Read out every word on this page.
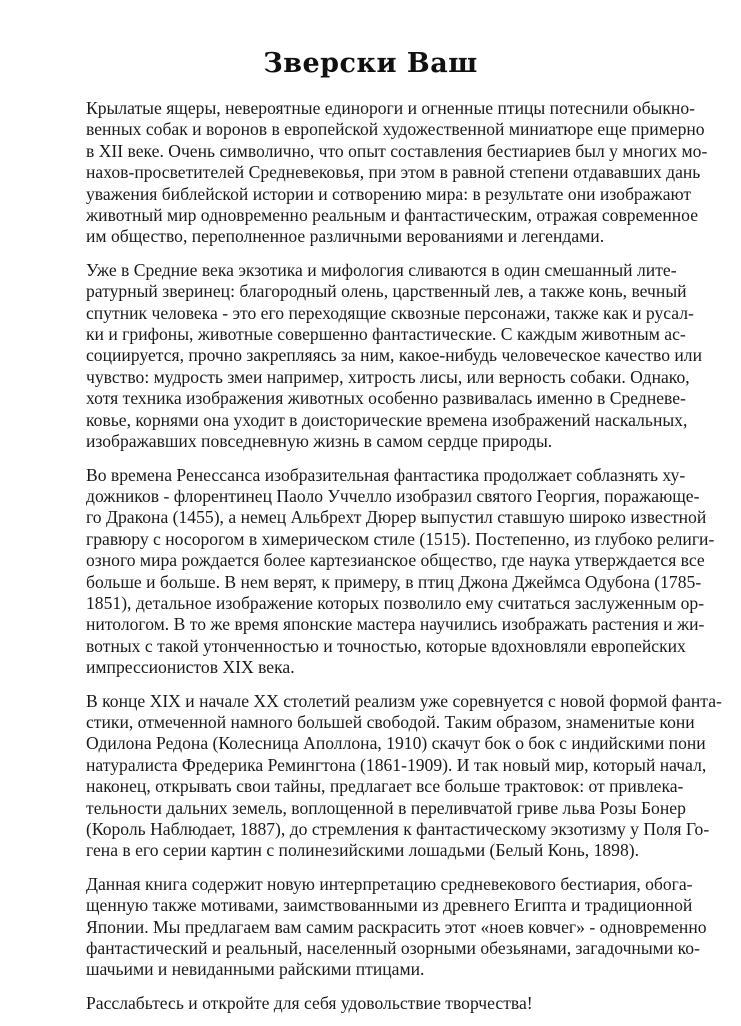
Зверски Ваш

Крылатые ящеры, невероятные единороги и огненные птицы потеснили обыкно-
венных собак и воронов в европейской художественной миниатюре еще примерно
в XII веке. Очень символично, что опыт составления бестиариев был у многих мо-
нахов-просветителей Средневековья, при этом в равной степени отдававших дань
уважения библейской истории и сотворению мира: в результате они изображают
животный мир одновременно реальным и фантастическим, отражая современное
им общество, переполненное различными верованиями и легендами.

Уже в Средние века экзотика и мифология сливаются в один смешанный лите-
ратурный зверинец: благородный олень, царственный лев, а также конь, вечный
спутник человека - это его переходящие сквозные персонажи, также как и русал-
ки и грифоны, животные совершенно фантастические. С каждым животным ас-
социируется, прочно закрепляясь за ним, какое-нибудь человеческое качество или
чувство: мудрость змеи например, хитрость лисы, или верность собаки. Однако,
хотя техника изображения животных особенно развивалась именно в Средневе-
ковье, корнями она уходит в доисторические времена изображений наскальных,
изображавших повседневную жизнь в самом сердце природы.

Во времена Ренессанса изобразительная фантастика продолжает соблазнять ху-
дожников - флорентинец Паоло Уччелло изобразил святого Георгия, поражающе-
го Дракона (1455), а немец Альбрехт Дюрер выпустил ставшую широко известной
гравюру с носорогом в химерическом стиле (1515). Постепенно, из глубоко религи-
озного мира рождается более картезианское общество, где наука утверждается все
больше и больше. В нем верят, к примеру, в птиц Джона Джеймса Одубона (1785-
1851), детальное изображение которых позволило ему считаться заслуженным ор-
нитологом. В то же время японские мастера научились изображать растения и жи-
вотных с такой утонченностью и точностью, которые вдохновляли европейских
импрессионистов XIX века.

В конце XIX и начале XX столетий реализм уже соревнуется с новой формой фанта-
стики, отмеченной намного большей свободой. Таким образом, знаменитые кони
Одилона Редона (Колесница Аполлона, 1910) скачут бок о бок с индийскими пони
натуралиста Фредерика Ремингтона (1861-1909). И так новый мир, который начал,
наконец, открывать свои тайны, предлагает все больше трактовок: от привлека-
тельности дальних земель, воплощенной в переливчатой гриве льва Розы Бонер
(Король Наблюдает, 1887), до стремления к фантастическому экзотизму у Поля Го-
гена в его серии картин с полинезийскими лошадьми (Белый Конь, 1898).

Данная книга содержит новую интерпретацию средневекового бестиария, обога-
щенную также мотивами, заимствованными из древнего Египта и традиционной
Японии. Мы предлагаем вам самим раскрасить этот «ноев ковчег» - одновременно
фантастический и реальный, населенный озорными обезьянами, загадочными ко-
шачьими и невиданными райскими птицами.

Расслабьтесь и откройте для себя удовольствие творчества!
